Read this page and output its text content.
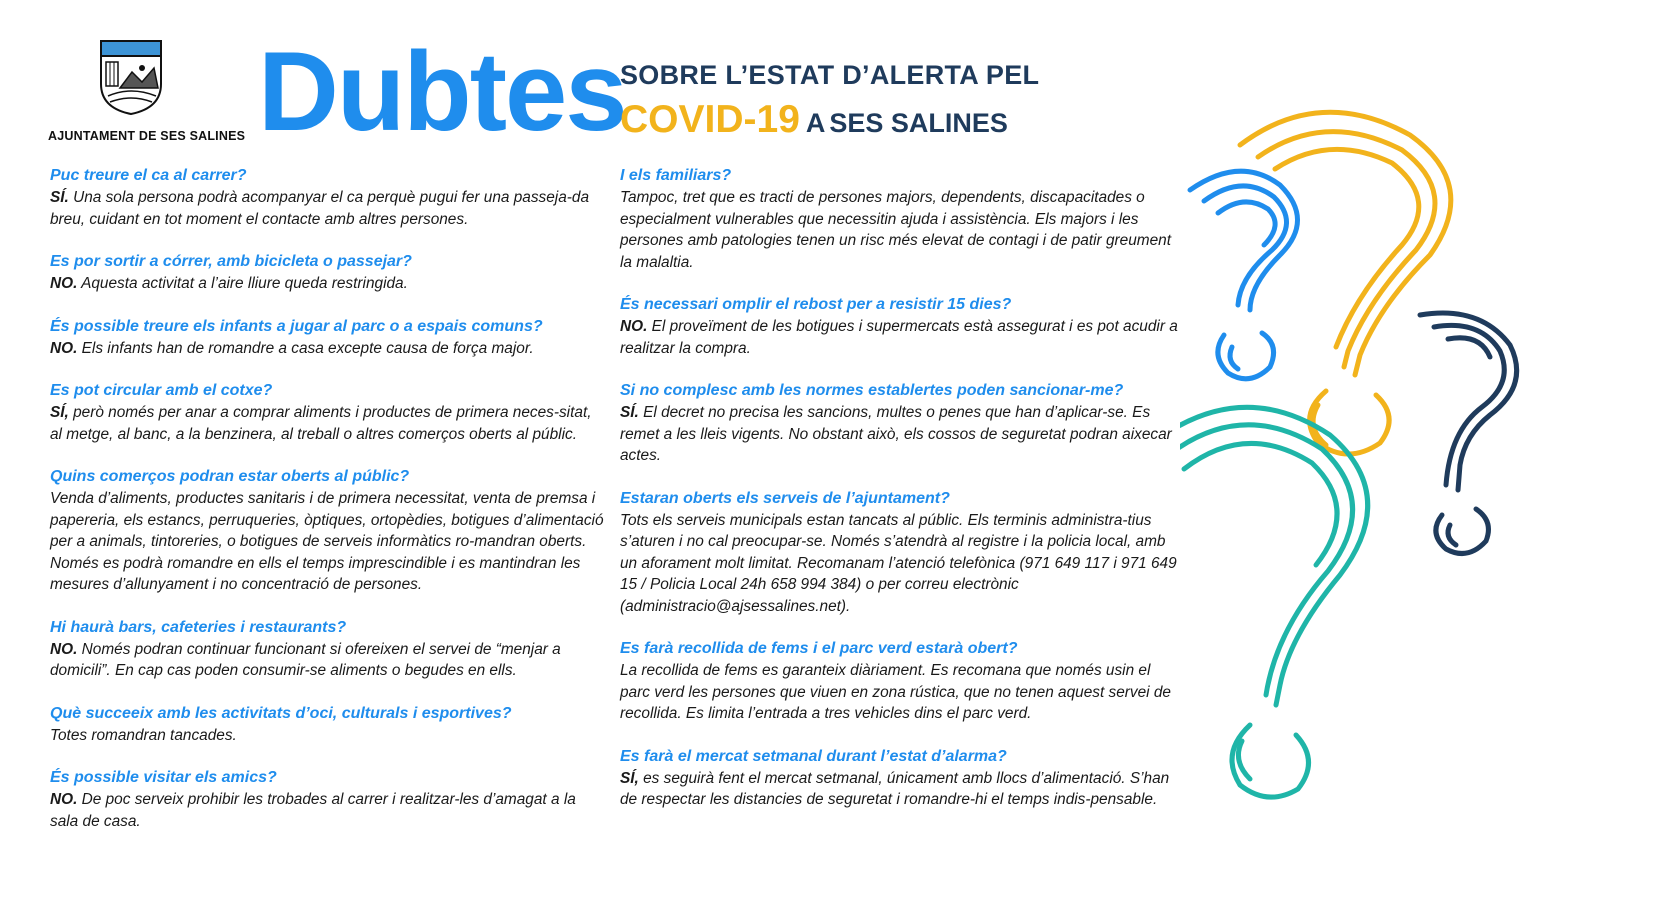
AJUNTAMENT DE SES SALINES Dubtes
SOBRE L’ESTAT D’ALERTA PEL
COVID-19 A SES SALINES
Puc treure el ca al carrer?
SÍ. Una sola persona podrà acompanyar el ca perquè pugui fer una passeja-da breu, cuidant en tot moment el contacte amb altres persones.
Es por sortir a córrer, amb bicicleta o passejar?
NO. Aquesta activitat a l’aire lliure queda restringida.
És possible treure els infants a jugar al parc o a espais comuns?
NO. Els infants han de romandre a casa excepte causa de força major.
Es pot circular amb el cotxe?
SÍ, però només per anar a comprar aliments i productes de primera neces-sitat, al metge, al banc, a la benzinera, al treball o altres comerços oberts al públic.
Quins comerços podran estar oberts al públic?
Venda d’aliments, productes sanitaris i de primera necessitat, venta de premsa i papereria, els estancs, perruqueries, òptiques, ortopèdies, botigues d’alimentació per a animals, tintoreries, o botigues de serveis informàtics ro-mandran oberts. Només es podrà romandre en ells el temps imprescindible i es mantindran les mesures d’allunyament i no concentració de persones.
Hi haurà bars, cafeteries i restaurants?
NO. Només podran continuar funcionant si ofereixen el servei de “menjar a domicili”. En cap cas poden consumir-se aliments o begudes en ells.
Què succeeix amb les activitats d’oci, culturals i esportives?
Totes romandran tancades.
És possible visitar els amics?
NO. De poc serveix prohibir les trobades al carrer i realitzar-les d’amagat a la sala de casa.
I els familiars?
Tampoc, tret que es tracti de persones majors, dependents, discapacitades o especialment vulnerables que necessitin ajuda i assistència. Els majors i les persones amb patologies tenen un risc més elevat de contagi i de patir greument la malaltia.
És necessari omplir el rebost per a resistir 15 dies?
NO. El proveïment de les botigues i supermercats està assegurat i es pot acudir a realitzar la compra.
Si no complesc amb les normes establertes poden sancionar-me?
SÍ. El decret no precisa les sancions, multes o penes que han d’aplicar-se. Es remet a les lleis vigents. No obstant això, els cossos de seguretat podran aixecar actes.
Estaran oberts els serveis de l’ajuntament?
Tots els serveis municipals estan tancats al públic. Els terminis administra-tius s’aturen i no cal preocupar-se. Només s’atendrà al registre i la policia local, amb un aforament molt limitat. Recomanam l’atenció telefònica (971 649 117 i 971 649 15 / Policia Local 24h 658 994 384) o per correu electrònic (administracio@ajsessalines.net).
Es farà recollida de fems i el parc verd estarà obert?
La recollida de fems es garanteix diàriament. Es recomana que només usin el parc verd les persones que viuen en zona rústica, que no tenen aquest servei de recollida. Es limita l’entrada a tres vehicles dins el parc verd.
Es farà el mercat setmanal durant l’estat d’alarma?
SÍ, es seguirà fent el mercat setmanal, únicament amb llocs d’alimentació. S’han de respectar les distancies de seguretat i romandre-hi el temps indis-pensable.
